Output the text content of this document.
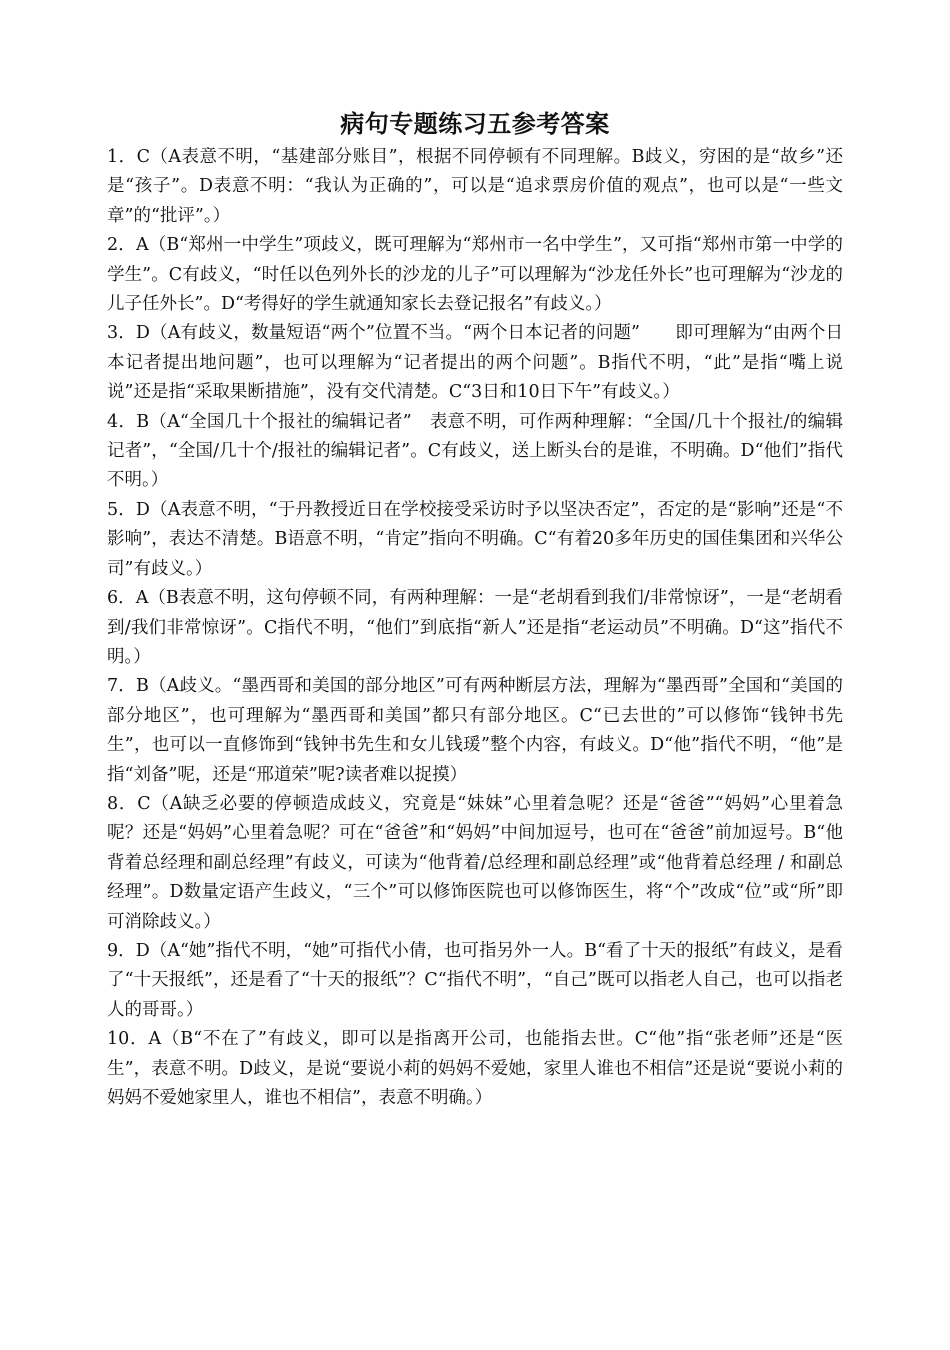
病句专题练习五参考答案

1．C（A表意不明，“基建部分账目”，根据不同停顿有不同理解。B歧义，穷困的是“故乡”还是“孩子”。D表意不明：“我认为正确的”，可以是“追求票房价值的观点”，也可以是“一些文章”的“批评”。）

2．A（B“郑州一中学生”项歧义，既可理解为“郑州市一名中学生”，又可指“郑州市第一中学的学生”。C有歧义，“时任以色列外长的沙龙的儿子”可以理解为“沙龙任外长”也可理解为“沙龙的儿子任外长”。D“考得好的学生就通知家长去登记报名”有歧义。）

3．D（A有歧义，数量短语“两个”位置不当。“两个日本记者的问题”　　即可理解为“由两个日本记者提出地问题”，也可以理解为“记者提出的两个问题”。B指代不明，“此”是指“嘴上说说”还是指“采取果断措施”，没有交代清楚。C“3日和10日下午”有歧义。）

4．B（A“全国几十个报社的编辑记者”　表意不明，可作两种理解：“全国/几十个报社/的编辑记者”，“全国/几十个/报社的编辑记者”。C有歧义，送上断头台的是谁，不明确。D“他们”指代不明。）

5．D（A表意不明，“于丹教授近日在学校接受采访时予以坚决否定”，否定的是“影响”还是“不影响”，表达不清楚。B语意不明，“肯定”指向不明确。C“有着20多年历史的国佳集团和兴华公司”有歧义。）

6．A（B表意不明，这句停顿不同，有两种理解：一是“老胡看到我们/非常惊讶”，一是“老胡看到/我们非常惊讶”。C指代不明，“他们”到底指“新人”还是指“老运动员”不明确。D“这”指代不明。）

7．B（A歧义。“墨西哥和美国的部分地区”可有两种断层方法，理解为“墨西哥”全国和“美国的部分地区”，也可理解为“墨西哥和美国”都只有部分地区。C“已去世的”可以修饰“钱钟书先生”，也可以一直修饰到“钱钟书先生和女儿钱瑗”整个内容，有歧义。D“他”指代不明，“他”是指“刘备”呢，还是“邢道荣”呢?读者难以捉摸）

8．C（A缺乏必要的停顿造成歧义，究竟是“妹妹”心里着急呢？还是“爸爸”“妈妈”心里着急呢？还是“妈妈”心里着急呢？可在“爸爸”和“妈妈”中间加逗号，也可在“爸爸”前加逗号。B“他背着总经理和副总经理”有歧义，可读为“他背着/总经理和副总经理”或“他背着总经理 / 和副总经理”。D数量定语产生歧义，“三个”可以修饰医院也可以修饰医生，将“个”改成“位”或“所”即可消除歧义。）

9．D（A“她”指代不明，“她”可指代小倩，也可指另外一人。B“看了十天的报纸”有歧义，是看了“十天报纸”，还是看了“十天的报纸”？C“指代不明”，“自己”既可以指老人自己，也可以指老人的哥哥。）

10．A（B“不在了”有歧义，即可以是指离开公司，也能指去世。C“他”指“张老师”还是“医生”，表意不明。D歧义，是说“要说小莉的妈妈不爱她，家里人谁也不相信”还是说“要说小莉的妈妈不爱她家里人，谁也不相信”，表意不明确。）
